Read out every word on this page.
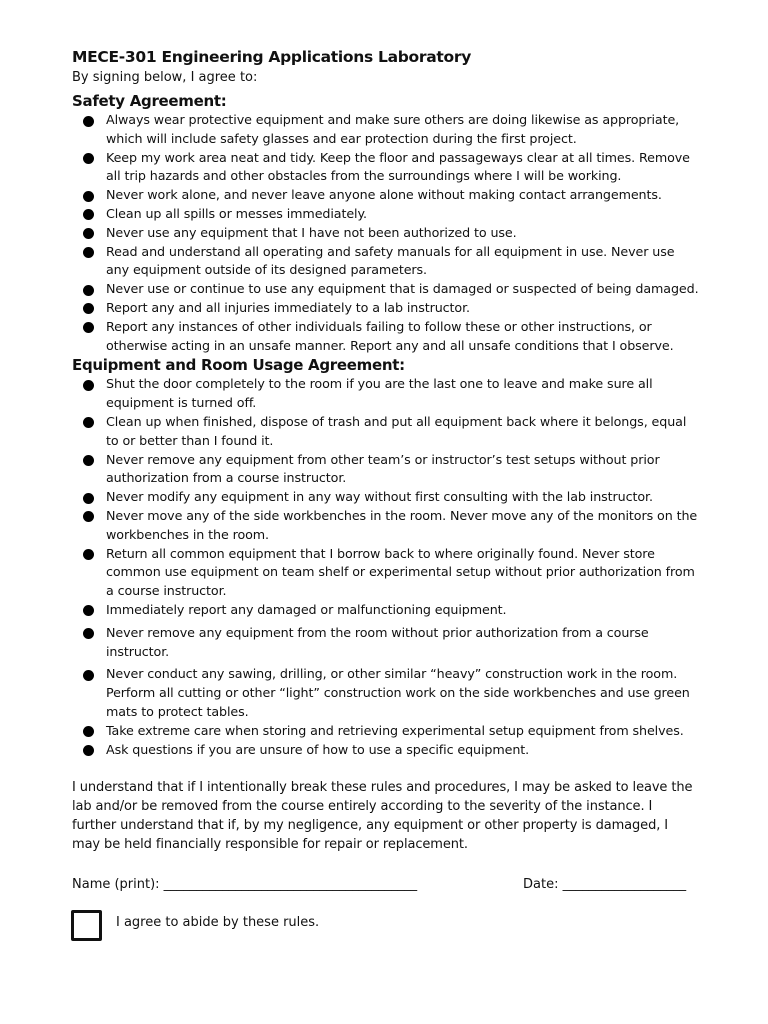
MECE-301 Engineering Applications Laboratory
By signing below, I agree to:
Safety Agreement:
Always wear protective equipment and make sure others are doing likewise as appropriate, which will include safety glasses and ear protection during the first project.
Keep my work area neat and tidy. Keep the floor and passageways clear at all times. Remove all trip hazards and other obstacles from the surroundings where I will be working.
Never work alone, and never leave anyone alone without making contact arrangements.
Clean up all spills or messes immediately.
Never use any equipment that I have not been authorized to use.
Read and understand all operating and safety manuals for all equipment in use. Never use any equipment outside of its designed parameters.
Never use or continue to use any equipment that is damaged or suspected of being damaged.
Report any and all injuries immediately to a lab instructor.
Report any instances of other individuals failing to follow these or other instructions, or otherwise acting in an unsafe manner. Report any and all unsafe conditions that I observe.
Equipment and Room Usage Agreement:
Shut the door completely to the room if you are the last one to leave and make sure all equipment is turned off.
Clean up when finished, dispose of trash and put all equipment back where it belongs, equal to or better than I found it.
Never remove any equipment from other team’s or instructor’s test setups without prior authorization from a course instructor.
Never modify any equipment in any way without first consulting with the lab instructor.
Never move any of the side workbenches in the room. Never move any of the monitors on the workbenches in the room.
Return all common equipment that I borrow back to where originally found. Never store common use equipment on team shelf or experimental setup without prior authorization from a course instructor.
Immediately report any damaged or malfunctioning equipment.
Never remove any equipment from the room without prior authorization from a course instructor.
Never conduct any sawing, drilling, or other similar “heavy” construction work in the room. Perform all cutting or other “light” construction work on the side workbenches and use green mats to protect tables.
Take extreme care when storing and retrieving experimental setup equipment from shelves.
Ask questions if you are unsure of how to use a specific equipment.

I understand that if I intentionally break these rules and procedures, I may be asked to leave the lab and/or be removed from the course entirely according to the severity of the instance. I further understand that if, by my negligence, any equipment or other property is damaged, I may be held financially responsible for repair or replacement.

Name (print): _______________________________________	Date: ___________________
I agree to abide by these rules.
